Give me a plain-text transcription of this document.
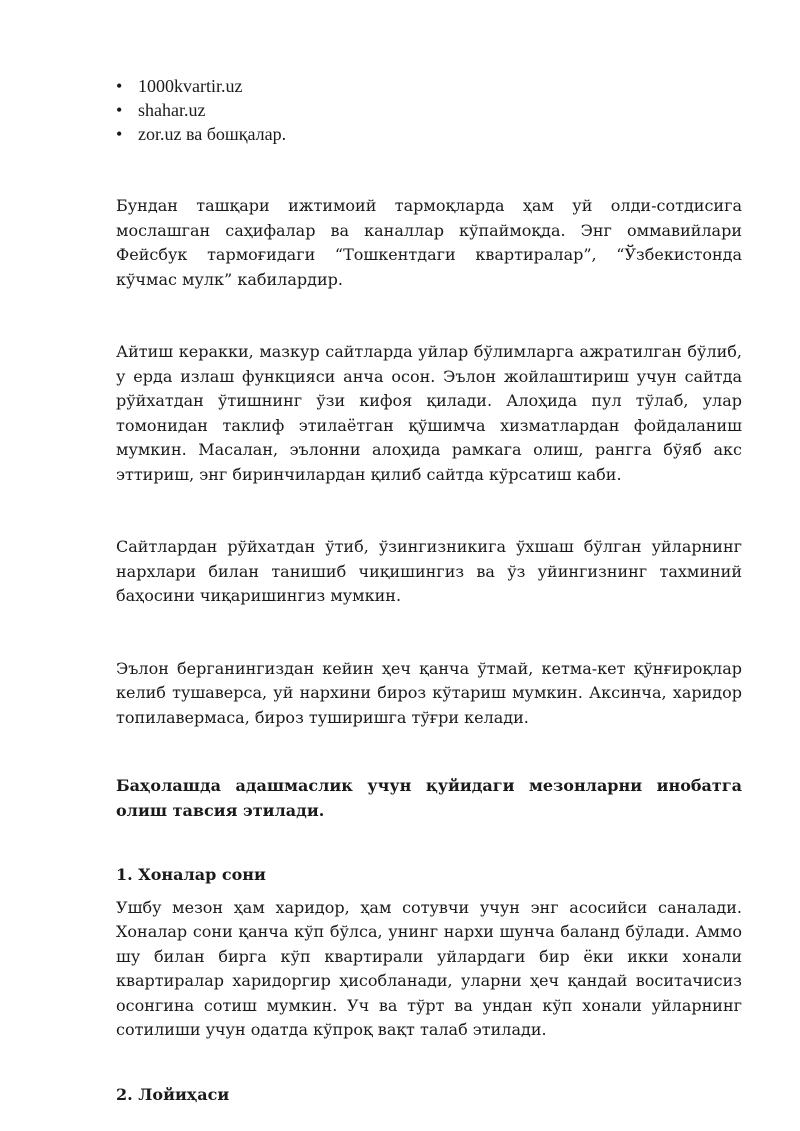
• 1000kvartir.uz
• shahar.uz
• zor.uz ва бошқалар.

Бундан ташқари ижтимоий тармоқларда ҳам уй олди-сотдисига мослашган саҳифалар ва каналлар кўпаймоқда. Энг оммавийлари Фейсбук тармоғидаги “Тошкентдаги квартиралар”, “Ўзбекистонда кўчмас мулк” кабилардир.

Айтиш керакки, мазкур сайтларда уйлар бўлимларга ажратилган бўлиб, у ерда излаш функцияси анча осон. Эълон жойлаштириш учун сайтда рўйхатдан ўтишнинг ўзи кифоя қилади. Алоҳида пул тўлаб, улар томонидан таклиф этилаётган қўшимча хизматлардан фойдаланиш мумкин. Масалан, эълонни алоҳида рамкага олиш, рангга бўяб акс эттириш, энг биринчилардан қилиб сайтда кўрсатиш каби.

Сайтлардан рўйхатдан ўтиб, ўзингизникига ўхшаш бўлган уйларнинг нархлари билан танишиб чиқишингиз ва ўз уйингизнинг тахминий баҳосини чиқаришингиз мумкин.

Эълон берганингиздан кейин ҳеч қанча ўтмай, кетма-кет қўнғироқлар келиб тушаверса, уй нархини бироз кўтариш мумкин. Аксинча, харидор топилавермаса, бироз туширишга тўғри келади.

Баҳолашда адашмаслик учун қуйидаги мезонларни инобатга олиш тавсия этилади.

1. Хоналар сони

Ушбу мезон ҳам харидор, ҳам сотувчи учун энг асосийси саналади. Хоналар сони қанча кўп бўлса, унинг нархи шунча баланд бўлади. Аммо шу билан бирга кўп квартирали уйлардаги бир ёки икки хонали квартиралар харидоргир ҳисобланади, уларни ҳеч қандай воситачисиз осонгина сотиш мумкин. Уч ва тўрт ва ундан кўп хонали уйларнинг сотилиши учун одатда кўпроқ вақт талаб этилади.

2. Лойиҳаси
